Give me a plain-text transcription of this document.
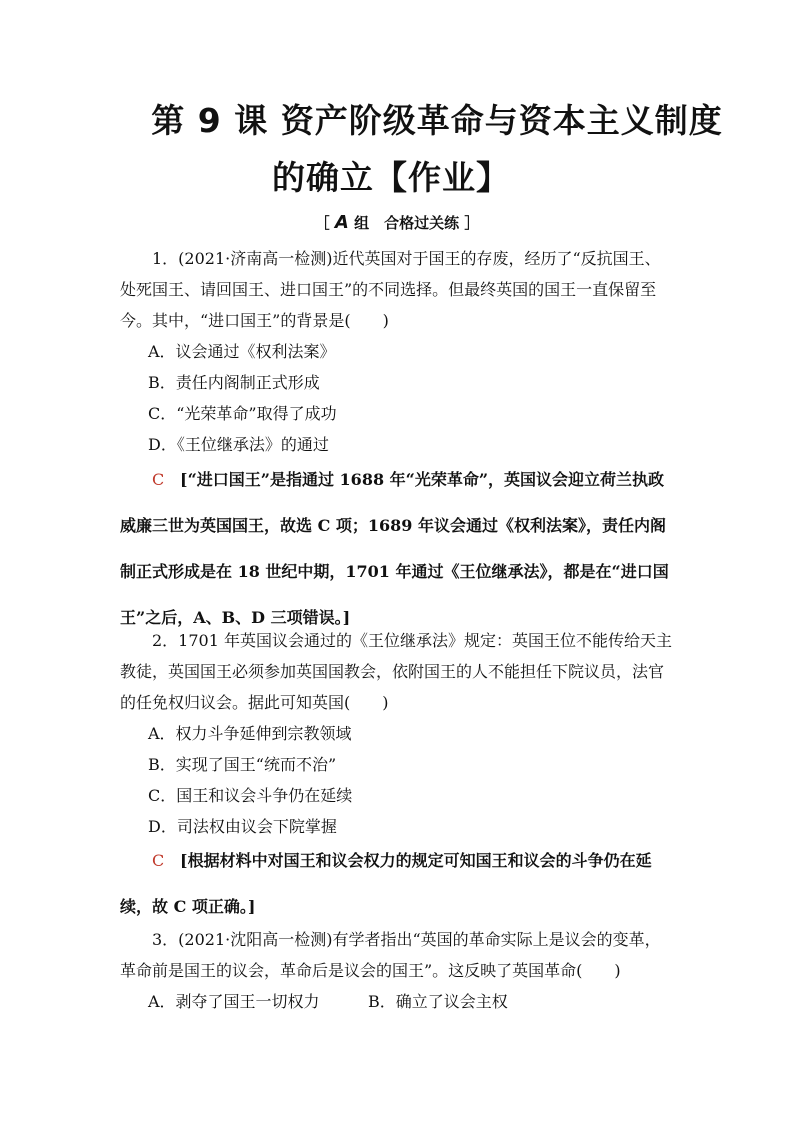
第 9 课 资产阶级革命与资本主义制度
的确立【作业】
［ A 组　合格过关练 ］
1．(2021·济南高一检测)近代英国对于国王的存废，经历了“反抗国王、处死国王、请回国王、进口国王”的不同选择。但最终英国的国王一直保留至今。其中，“进口国王”的背景是(　　)
A．议会通过《权利法案》
B．责任内阁制正式形成
C．“光荣革命”取得了成功
D．《王位继承法》的通过
C [“进口国王”是指通过 1688 年“光荣革命”，英国议会迎立荷兰执政威廉三世为英国国王，故选 C 项；1689 年议会通过《权利法案》，责任内阁制正式形成是在 18 世纪中期，1701 年通过《王位继承法》，都是在“进口国王”之后，A、B、D 三项错误。]
2．1701 年英国议会通过的《王位继承法》规定：英国王位不能传给天主教徒，英国国王必须参加英国国教会，依附国王的人不能担任下院议员，法官的任免权归议会。据此可知英国(　　)
A．权力斗争延伸到宗教领域
B．实现了国王“统而不治”
C．国王和议会斗争仍在延续
D．司法权由议会下院掌握
C [根据材料中对国王和议会权力的规定可知国王和议会的斗争仍在延续，故 C 项正确。]
3．(2021·沈阳高一检测)有学者指出“英国的革命实际上是议会的变革，革命前是国王的议会，革命后是议会的国王”。这反映了英国革命(　　)
A．剥夺了国王一切权力	B．确立了议会主权
